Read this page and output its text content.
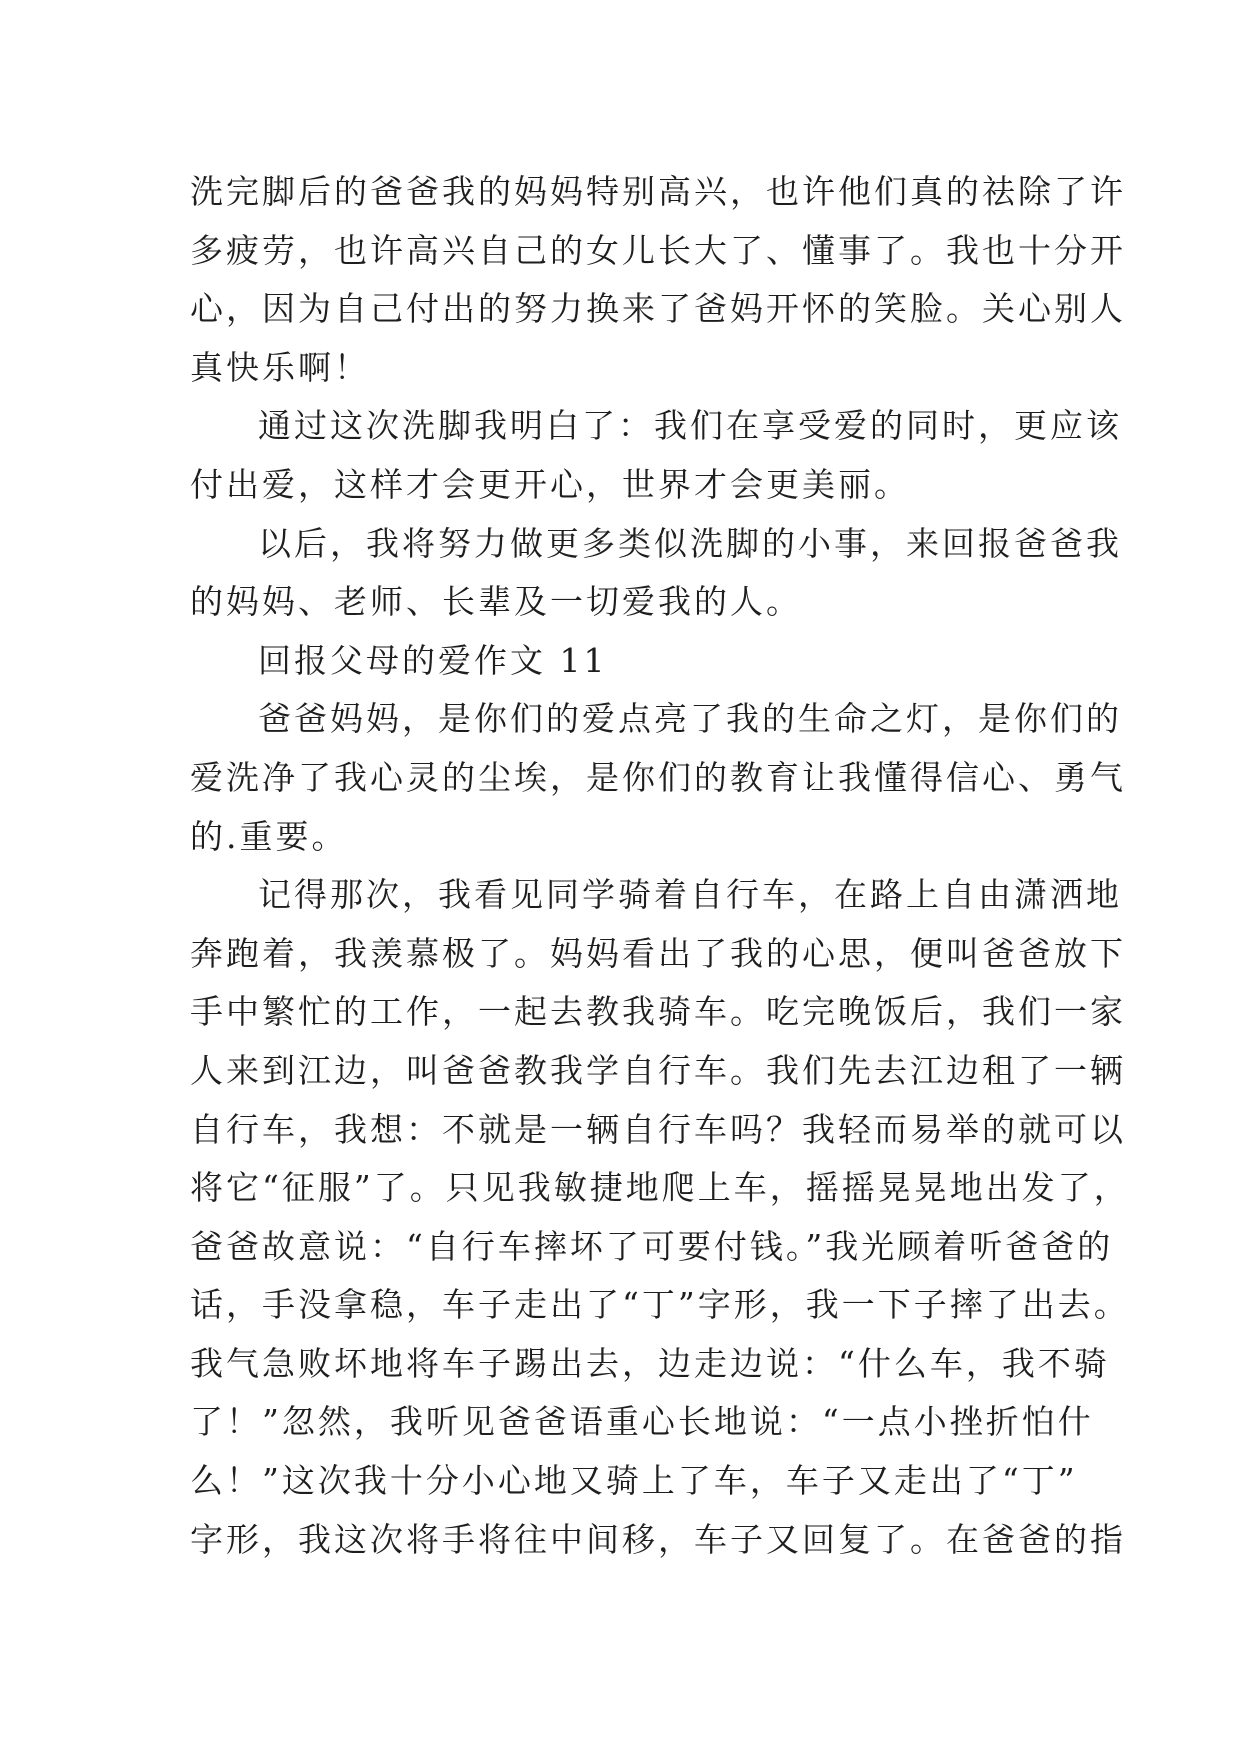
洗完脚后的爸爸我的妈妈特别高兴，也许他们真的祛除了许
多疲劳，也许高兴自己的女儿长大了、懂事了。我也十分开
心，因为自己付出的努力换来了爸妈开怀的笑脸。关心别人
真快乐啊！
通过这次洗脚我明白了：我们在享受爱的同时，更应该
付出爱，这样才会更开心，世界才会更美丽。
以后，我将努力做更多类似洗脚的小事，来回报爸爸我
的妈妈、老师、长辈及一切爱我的人。
回报父母的爱作文 11
爸爸妈妈，是你们的爱点亮了我的生命之灯，是你们的
爱洗净了我心灵的尘埃，是你们的教育让我懂得信心、勇气
的.重要。
记得那次，我看见同学骑着自行车，在路上自由潇洒地
奔跑着，我羡慕极了。妈妈看出了我的心思，便叫爸爸放下
手中繁忙的工作，一起去教我骑车。吃完晚饭后，我们一家
人来到江边，叫爸爸教我学自行车。我们先去江边租了一辆
自行车，我想：不就是一辆自行车吗？我轻而易举的就可以
将它“征服”了。只见我敏捷地爬上车，摇摇晃晃地出发了，
爸爸故意说：“自行车摔坏了可要付钱。”我光顾着听爸爸的
话，手没拿稳，车子走出了“丁”字形，我一下子摔了出去。
我气急败坏地将车子踢出去，边走边说：“什么车，我不骑
了！”忽然，我听见爸爸语重心长地说：“一点小挫折怕什
么！”这次我十分小心地又骑上了车，车子又走出了“丁”
字形，我这次将手将往中间移，车子又回复了。在爸爸的指
